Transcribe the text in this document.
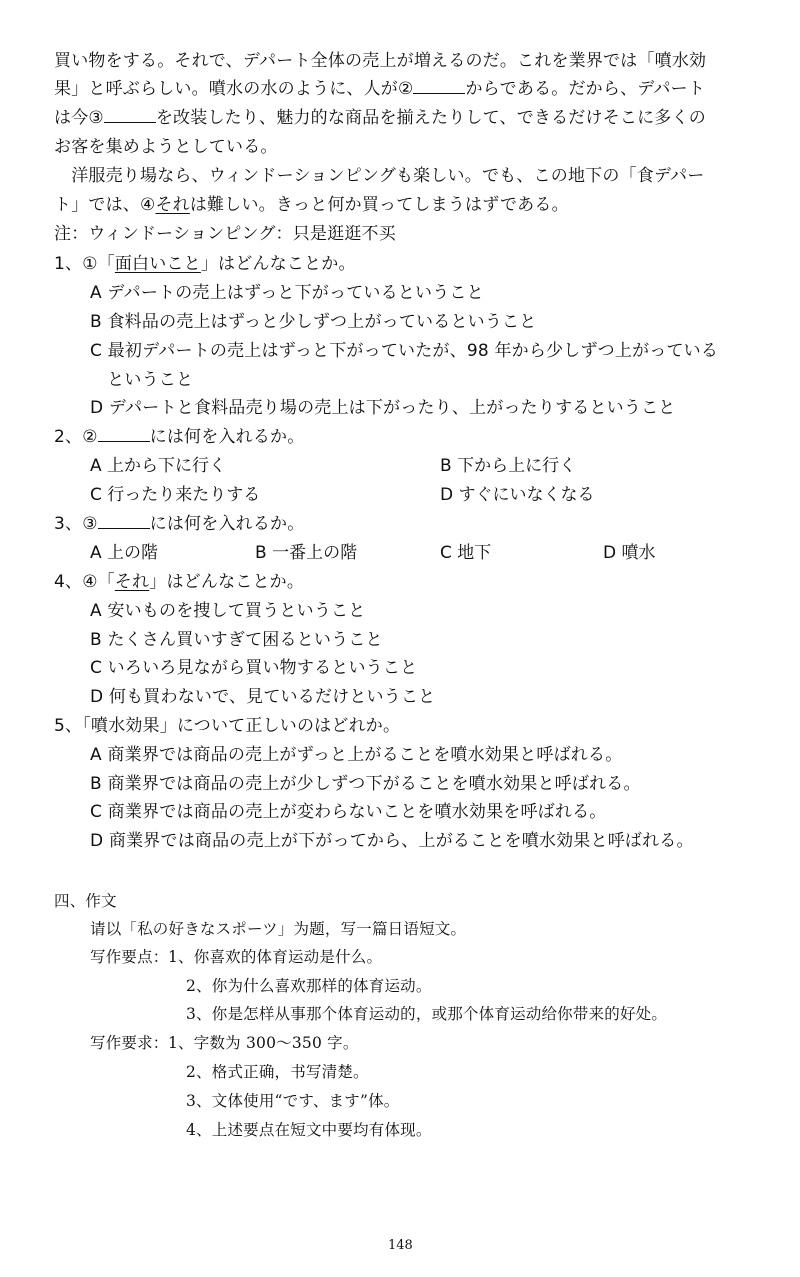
買い物をする。それで、デパート全体の売上が増えるのだ。これを業界では「噴水効
果」と呼ぶらしい。噴水の水のように、人が②	からである。だから、デパート
は今③	を改装したり、魅力的な商品を揃えたりして、できるだけそこに多くの
お客を集めようとしている。
　洋服売り場なら、ウィンドーションピングも楽しい。でも、この地下の「食デパー
ト」では、④それは難しい。きっと何か買ってしまうはずである。
注：ウィンドーションピング：只是逛逛不买
1、①「面白いこと」はどんなことか。
A デパートの売上はずっと下がっているということ
B 食料品の売上はずっと少しずつ上がっているということ
C 最初デパートの売上はずっと下がっていたが、98 年から少しずつ上がっている
　ということ
D デパートと食料品売り場の売上は下がったり、上がったりするということ
2、②	には何を入れるか。
A 上から下に行く	B 下から上に行く
C 行ったり来たりする	D すぐにいなくなる
3、③	には何を入れるか。
A 上の階	B 一番上の階	C 地下	D 噴水
4、④「それ」はどんなことか。
A 安いものを捜して買うということ
B たくさん買いすぎて困るということ
C いろいろ見ながら買い物するということ
D 何も買わないで、見ているだけということ
5、「噴水効果」について正しいのはどれか。
A 商業界では商品の売上がずっと上がることを噴水効果と呼ばれる。
B 商業界では商品の売上が少しずつ下がることを噴水効果と呼ばれる。
C 商業界では商品の売上が変わらないことを噴水効果を呼ばれる。
D 商業界では商品の売上が下がってから、上がることを噴水効果と呼ばれる。
四、作文
请以「私の好きなスポーツ」为题，写一篇日语短文。
写作要点： 1、你喜欢的体育运动是什么。
2、你为什么喜欢那样的体育运动。
3、你是怎样从事那个体育运动的，或那个体育运动给你带来的好处。
写作要求： 1、字数为 300～350 字。
2、格式正确，书写清楚。
3、文体使用“です、ます”体。
4、上述要点在短文中要均有体现。
148
